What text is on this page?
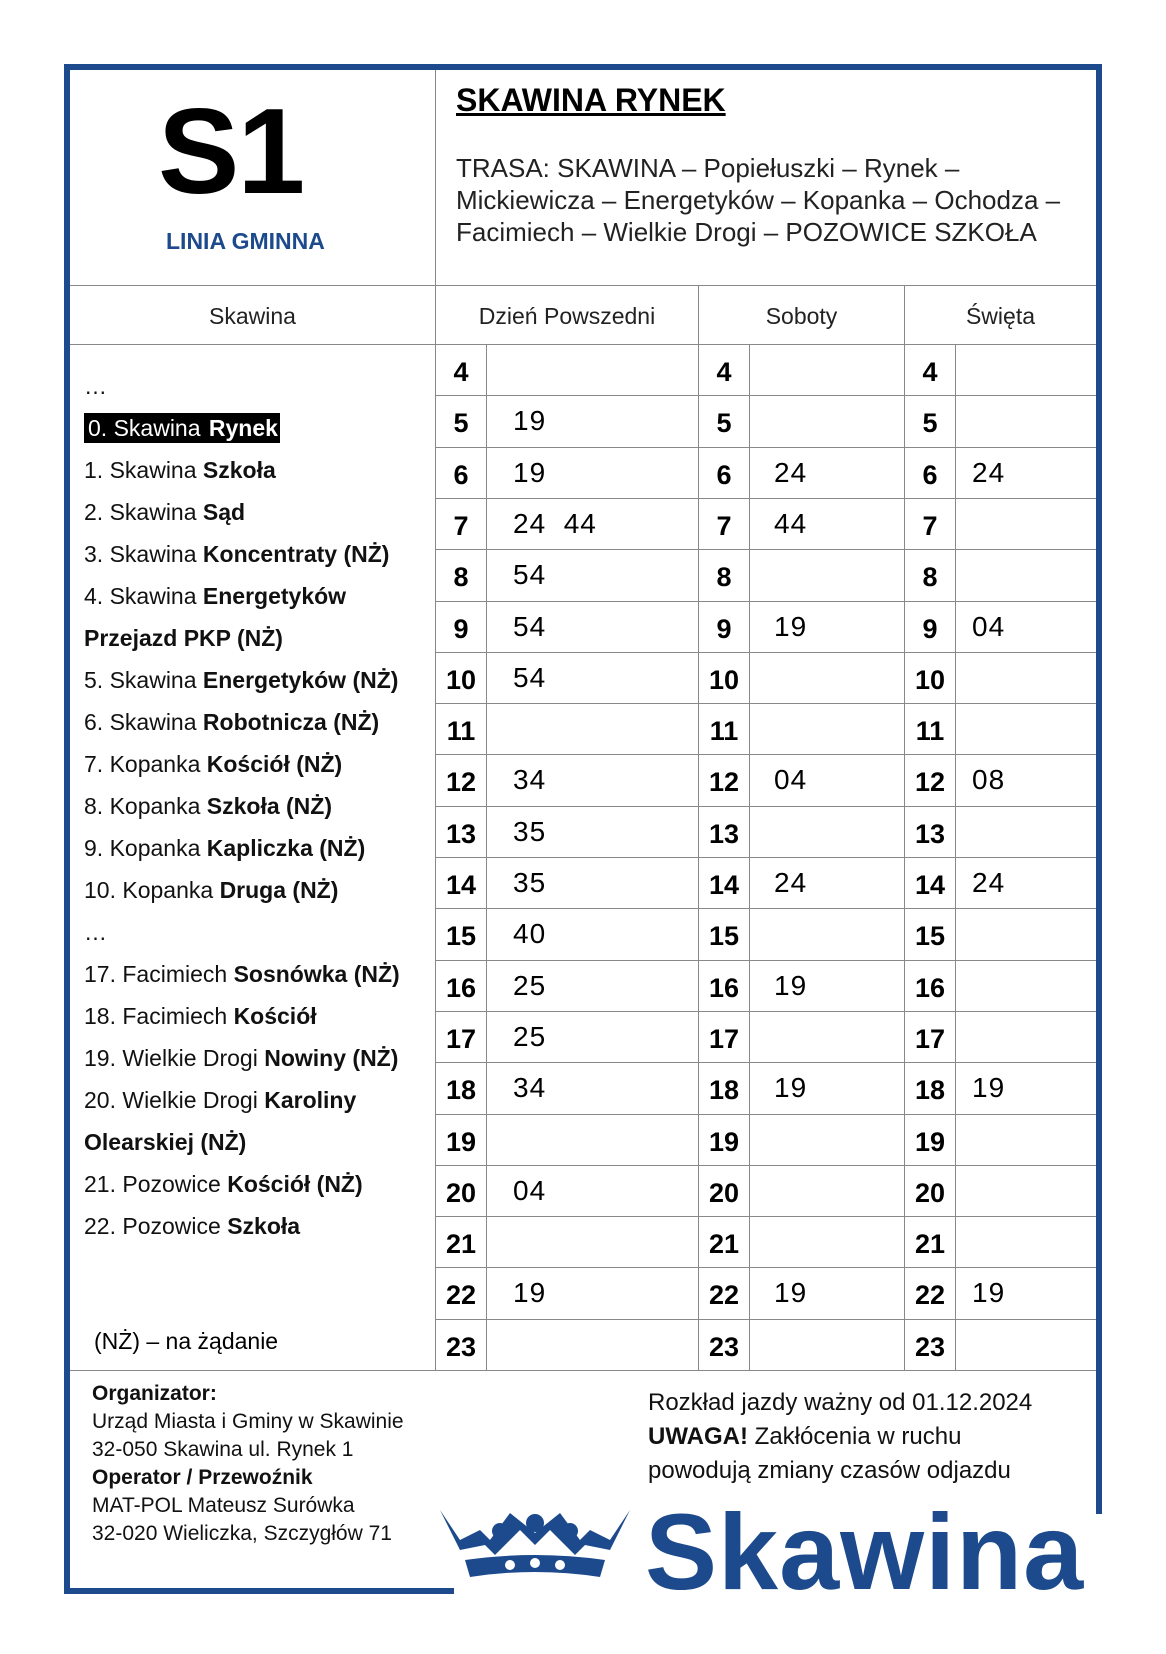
S1
LINIA GMINNA
SKAWINA RYNEK
TRASA: SKAWINA – Popiełuszki – Rynek – Mickiewicza – Energetyków – Kopanka – Ochodza – Facimiech – Wielkie Drogi – POZOWICE SZKOŁA
Skawina	Dzień Powszedni	Soboty	Święta
…
0. Skawina Rynek
1. Skawina Szkoła
2. Skawina Sąd
3. Skawina Koncentraty (NŻ)
4. Skawina Energetyków
Przejazd PKP (NŻ)
5. Skawina Energetyków (NŻ)
6. Skawina Robotnicza (NŻ)
7. Kopanka Kościół (NŻ)
8. Kopanka Szkoła (NŻ)
9. Kopanka Kapliczka (NŻ)
10. Kopanka Druga (NŻ)
…
17. Facimiech Sosnówka (NŻ)
18. Facimiech Kościół
19. Wielkie Drogi Nowiny (NŻ)
20. Wielkie Drogi Karoliny
Olearskiej (NŻ)
21. Pozowice Kościół (NŻ)
22. Pozowice Szkoła
(NŻ) – na żądanie
4	4	4
5	19	5	5
6	19	6	24	6	24
7	24  44	7	44	7
8	54	8	8
9	54	9	19	9	04
10 54	10	10
11	11	11
12 34	12 04	12 08
13 35	13	13
14 35	14 24	14 24
15 40	15	15
16 25	16 19	16
17 25	17	17
18 34	18 19	18 19
19	19	19
20 04	20	20
21	21	21
22 19	22 19	22 19
23	23	23
Organizator:
Urząd Miasta i Gminy w Skawinie
32-050 Skawina ul. Rynek 1
Operator / Przewoźnik
MAT-POL Mateusz Surówka
32-020 Wieliczka, Szczygłów 71
Rozkład jazdy ważny od 01.12.2024
UWAGA! Zakłócenia w ruchu
powodują zmiany czasów odjazdu
Skawina
